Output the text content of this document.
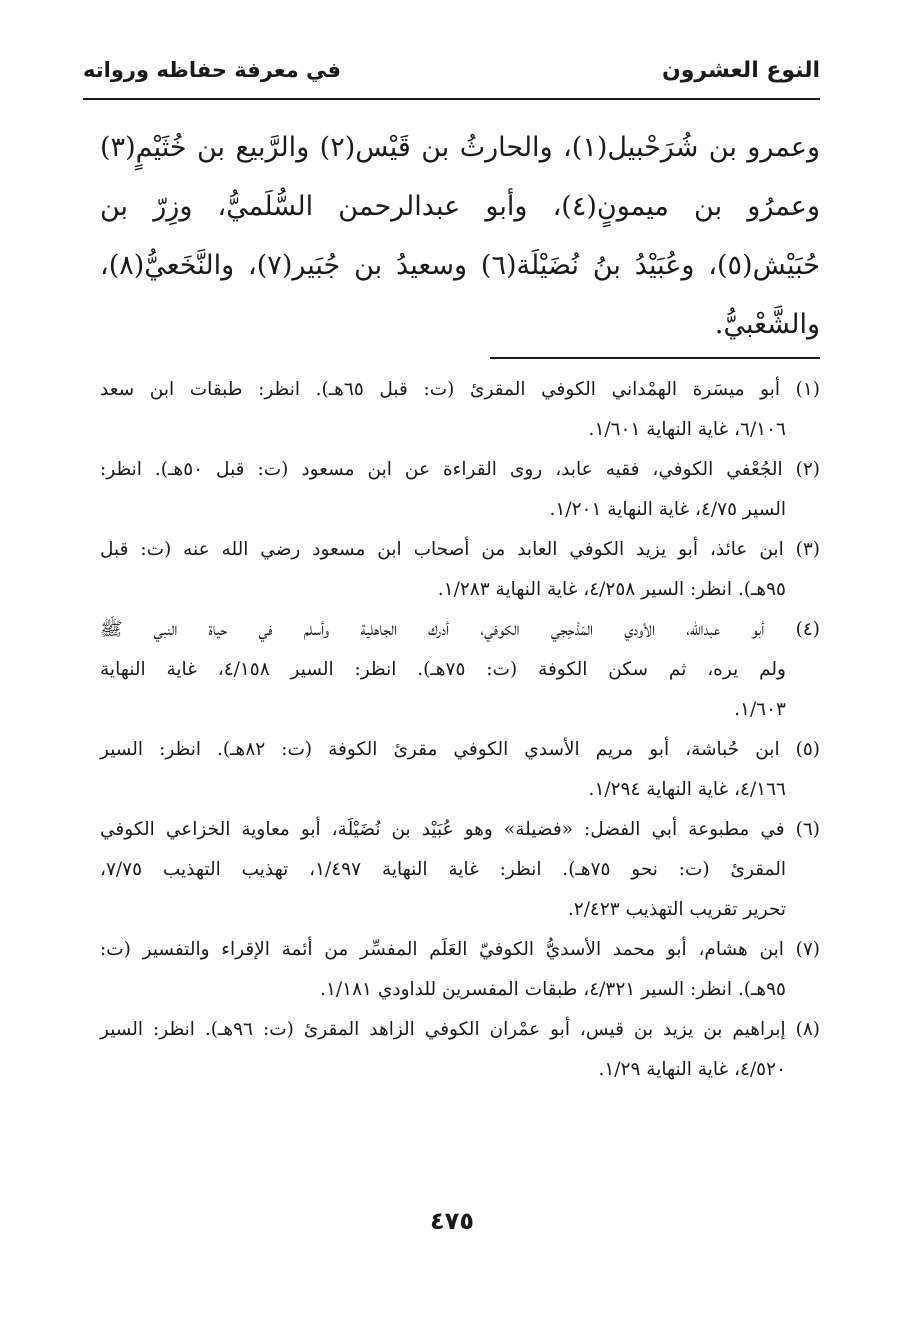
النوع العشرون
في معرفة حفاظه ورواته
وعمرو بن شُرَحْبيل(١)، والحارثُ بن قَيْس(٢) والرَّبيع بن خُثَيْمٍ(٣)
وعمرُو بن ميمونٍ(٤)، وأبو عبدالرحمن السُّلَميُّ، وزِرّ بن
حُبَيْش(٥)، وعُبَيْدُ بنُ نُضَيْلَة(٦) وسعيدُ بن جُبَير(٧)، والنَّخَعيُّ(٨)،
والشَّعْبيُّ.
(١) أبو ميسَرة الهمْداني الكوفي المقرئ (ت: قبل ٦٥هـ). انظر: طبقات ابن سعد
٦/١٠٦، غاية النهاية ١/٦٠١.
(٢) الجُعْفي الكوفي، فقيه عابد، روى القراءة عن ابن مسعود (ت: قبل ٥٠هـ). انظر:
السير ٤/٧٥، غاية النهاية ١/٢٠١.
(٣) ابن عائذ، أبو يزيد الكوفي العابد من أصحاب ابن مسعود رضي الله عنه (ت: قبل
٩٥هـ). انظر: السير ٤/٢٥٨، غاية النهاية ١/٢٨٣.
(٤) أبو عبدالله، الأودي المَذْحِجي الكوفي، أدرك الجاهلية وأسلم في حياة النبي ﷺ
ولم يره، ثم سكن الكوفة (ت: ٧٥هـ). انظر: السير ٤/١٥٨، غاية النهاية
١/٦٠٣.
(٥) ابن حُباشة، أبو مريم الأسدي الكوفي مقرئ الكوفة (ت: ٨٢هـ). انظر: السير
٤/١٦٦، غاية النهاية ١/٢٩٤.
(٦) في مطبوعة أبي الفضل: «فضيلة» وهو عُبَيْد بن نُضَيْلَة، أبو معاوية الخزاعي الكوفي
المقرئ (ت: نحو ٧٥هـ). انظر: غاية النهاية ١/٤٩٧، تهذيب التهذيب ٧/٧٥،
تحرير تقريب التهذيب ٢/٤٢٣.
(٧) ابن هشام، أبو محمد الأسديُّ الكوفيّ العَلَم المفسِّر من أئمة الإقراء والتفسير (ت:
٩٥هـ). انظر: السير ٤/٣٢١، طبقات المفسرين للداودي ١/١٨١.
(٨) إبراهيم بن يزيد بن قيس، أبو عمْران الكوفي الزاهد المقرئ (ت: ٩٦هـ). انظر: السير
٤/٥٢٠، غاية النهاية ١/٢٩.
٤٧٥
